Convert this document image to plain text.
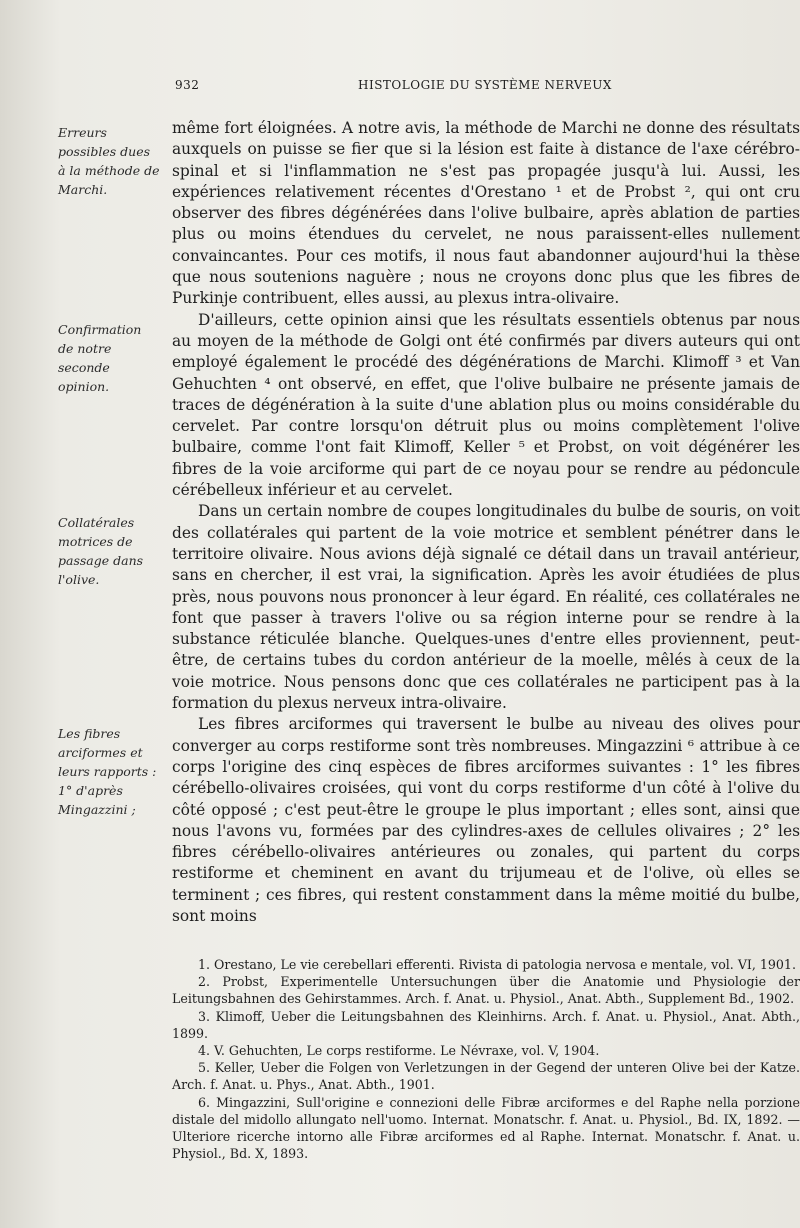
932	HISTOLOGIE DU SYSTÈME NERVEUX
Erreurs possibles dues à la méthode de Marchi.
Confirmation de notre seconde opinion.
Collatérales motrices de passage dans l'olive.
Les fibres arciformes et leurs rapports : 1° d'après Mingazzini ;

même fort éloignées. A notre avis, la méthode de Marchi ne donne des résultats auxquels on puisse se fier que si la lésion est faite à distance de l'axe cérébro-spinal et si l'inflammation ne s'est pas propagée jusqu'à lui. Aussi, les expériences relativement récentes d'Orestano ¹ et de Probst ², qui ont cru observer des fibres dégénérées dans l'olive bulbaire, après ablation de parties plus ou moins étendues du cervelet, ne nous paraissent-elles nullement convaincantes. Pour ces motifs, il nous faut abandonner aujourd'hui la thèse que nous soutenions naguère ; nous ne croyons donc plus que les fibres de Purkinje contribuent, elles aussi, au plexus intra-olivaire.

D'ailleurs, cette opinion ainsi que les résultats essentiels obtenus par nous au moyen de la méthode de Golgi ont été confirmés par divers auteurs qui ont employé également le procédé des dégénérations de Marchi. Klimoff ³ et Van Gehuchten ⁴ ont observé, en effet, que l'olive bulbaire ne présente jamais de traces de dégénération à la suite d'une ablation plus ou moins considérable du cervelet. Par contre lorsqu'on détruit plus ou moins complètement l'olive bulbaire, comme l'ont fait Klimoff, Keller ⁵ et Probst, on voit dégénérer les fibres de la voie arciforme qui part de ce noyau pour se rendre au pédoncule cérébelleux inférieur et au cervelet.

Dans un certain nombre de coupes longitudinales du bulbe de souris, on voit des collatérales qui partent de la voie motrice et semblent pénétrer dans le territoire olivaire. Nous avions déjà signalé ce détail dans un travail antérieur, sans en chercher, il est vrai, la signification. Après les avoir étudiées de plus près, nous pouvons nous prononcer à leur égard. En réalité, ces collatérales ne font que passer à travers l'olive ou sa région interne pour se rendre à la substance réticulée blanche. Quelques-unes d'entre elles proviennent, peut-être, de certains tubes du cordon antérieur de la moelle, mêlés à ceux de la voie motrice. Nous pensons donc que ces collatérales ne participent pas à la formation du plexus nerveux intra-olivaire.

Les fibres arciformes qui traversent le bulbe au niveau des olives pour converger au corps restiforme sont très nombreuses. Mingazzini ⁶ attribue à ce corps l'origine des cinq espèces de fibres arciformes suivantes : 1° les fibres cérébello-olivaires croisées, qui vont du corps restiforme d'un côté à l'olive du côté opposé ; c'est peut-être le groupe le plus important ; elles sont, ainsi que nous l'avons vu, formées par des cylindres-axes de cellules olivaires ; 2° les fibres cérébello-olivaires antérieures ou zonales, qui partent du corps restiforme et cheminent en avant du trijumeau et de l'olive, où elles se terminent ; ces fibres, qui restent constamment dans la même moitié du bulbe, sont moins

1. Orestano, Le vie cerebellari efferenti. Rivista di patologia nervosa e mentale, vol. VI, 1901.

2. Probst, Experimentelle Untersuchungen über die Anatomie und Physiologie der Leitungsbahnen des Gehirstammes. Arch. f. Anat. u. Physiol., Anat. Abth., Supplement Bd., 1902.

3. Klimoff, Ueber die Leitungsbahnen des Kleinhirns. Arch. f. Anat. u. Physiol., Anat. Abth., 1899.

4. V. Gehuchten, Le corps restiforme. Le Névraxe, vol. V, 1904.

5. Keller, Ueber die Folgen von Verletzungen in der Gegend der unteren Olive bei der Katze. Arch. f. Anat. u. Phys., Anat. Abth., 1901.

6. Mingazzini, Sull'origine e connezioni delle Fibræ arciformes e del Raphe nella porzione distale del midollo allungato nell'uomo. Internat. Monatschr. f. Anat. u. Physiol., Bd. IX, 1892. — Ulteriore ricerche intorno alle Fibræ arciformes ed al Raphe. Internat. Monatschr. f. Anat. u. Physiol., Bd. X, 1893.
